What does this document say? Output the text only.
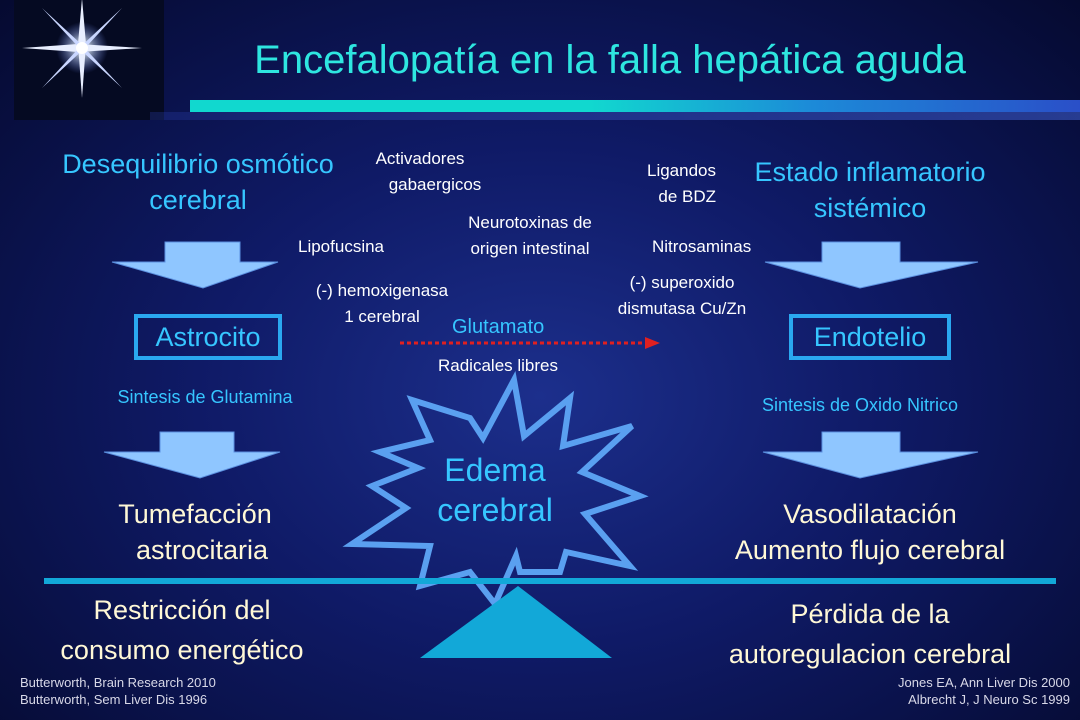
Encefalopatía en la falla hepática aguda
Desequilibrio osmótico
cerebral
Astrocito
Sintesis de Glutamina
Tumefacción
astrocitaria
Restricción del
consumo energético
Estado inflamatorio
sistémico
Endotelio
Sintesis de Oxido Nitrico
Vasodilatación
Aumento flujo cerebral
Pérdida de la
autoregulacion cerebral
Activadores
gabaergicos
Ligandos
de BDZ
Neurotoxinas de
origen intestinal
Lipofucsina	Nitrosaminas
(-) hemoxigenasa
1 cerebral
(-) superoxido
dismutasa Cu/Zn
Glutamato
Radicales libres
Edema
cerebral
Butterworth, Brain Research 2010
Butterworth, Sem Liver Dis 1996
Jones EA, Ann Liver Dis 2000
Albrecht J, J Neuro Sc 1999
